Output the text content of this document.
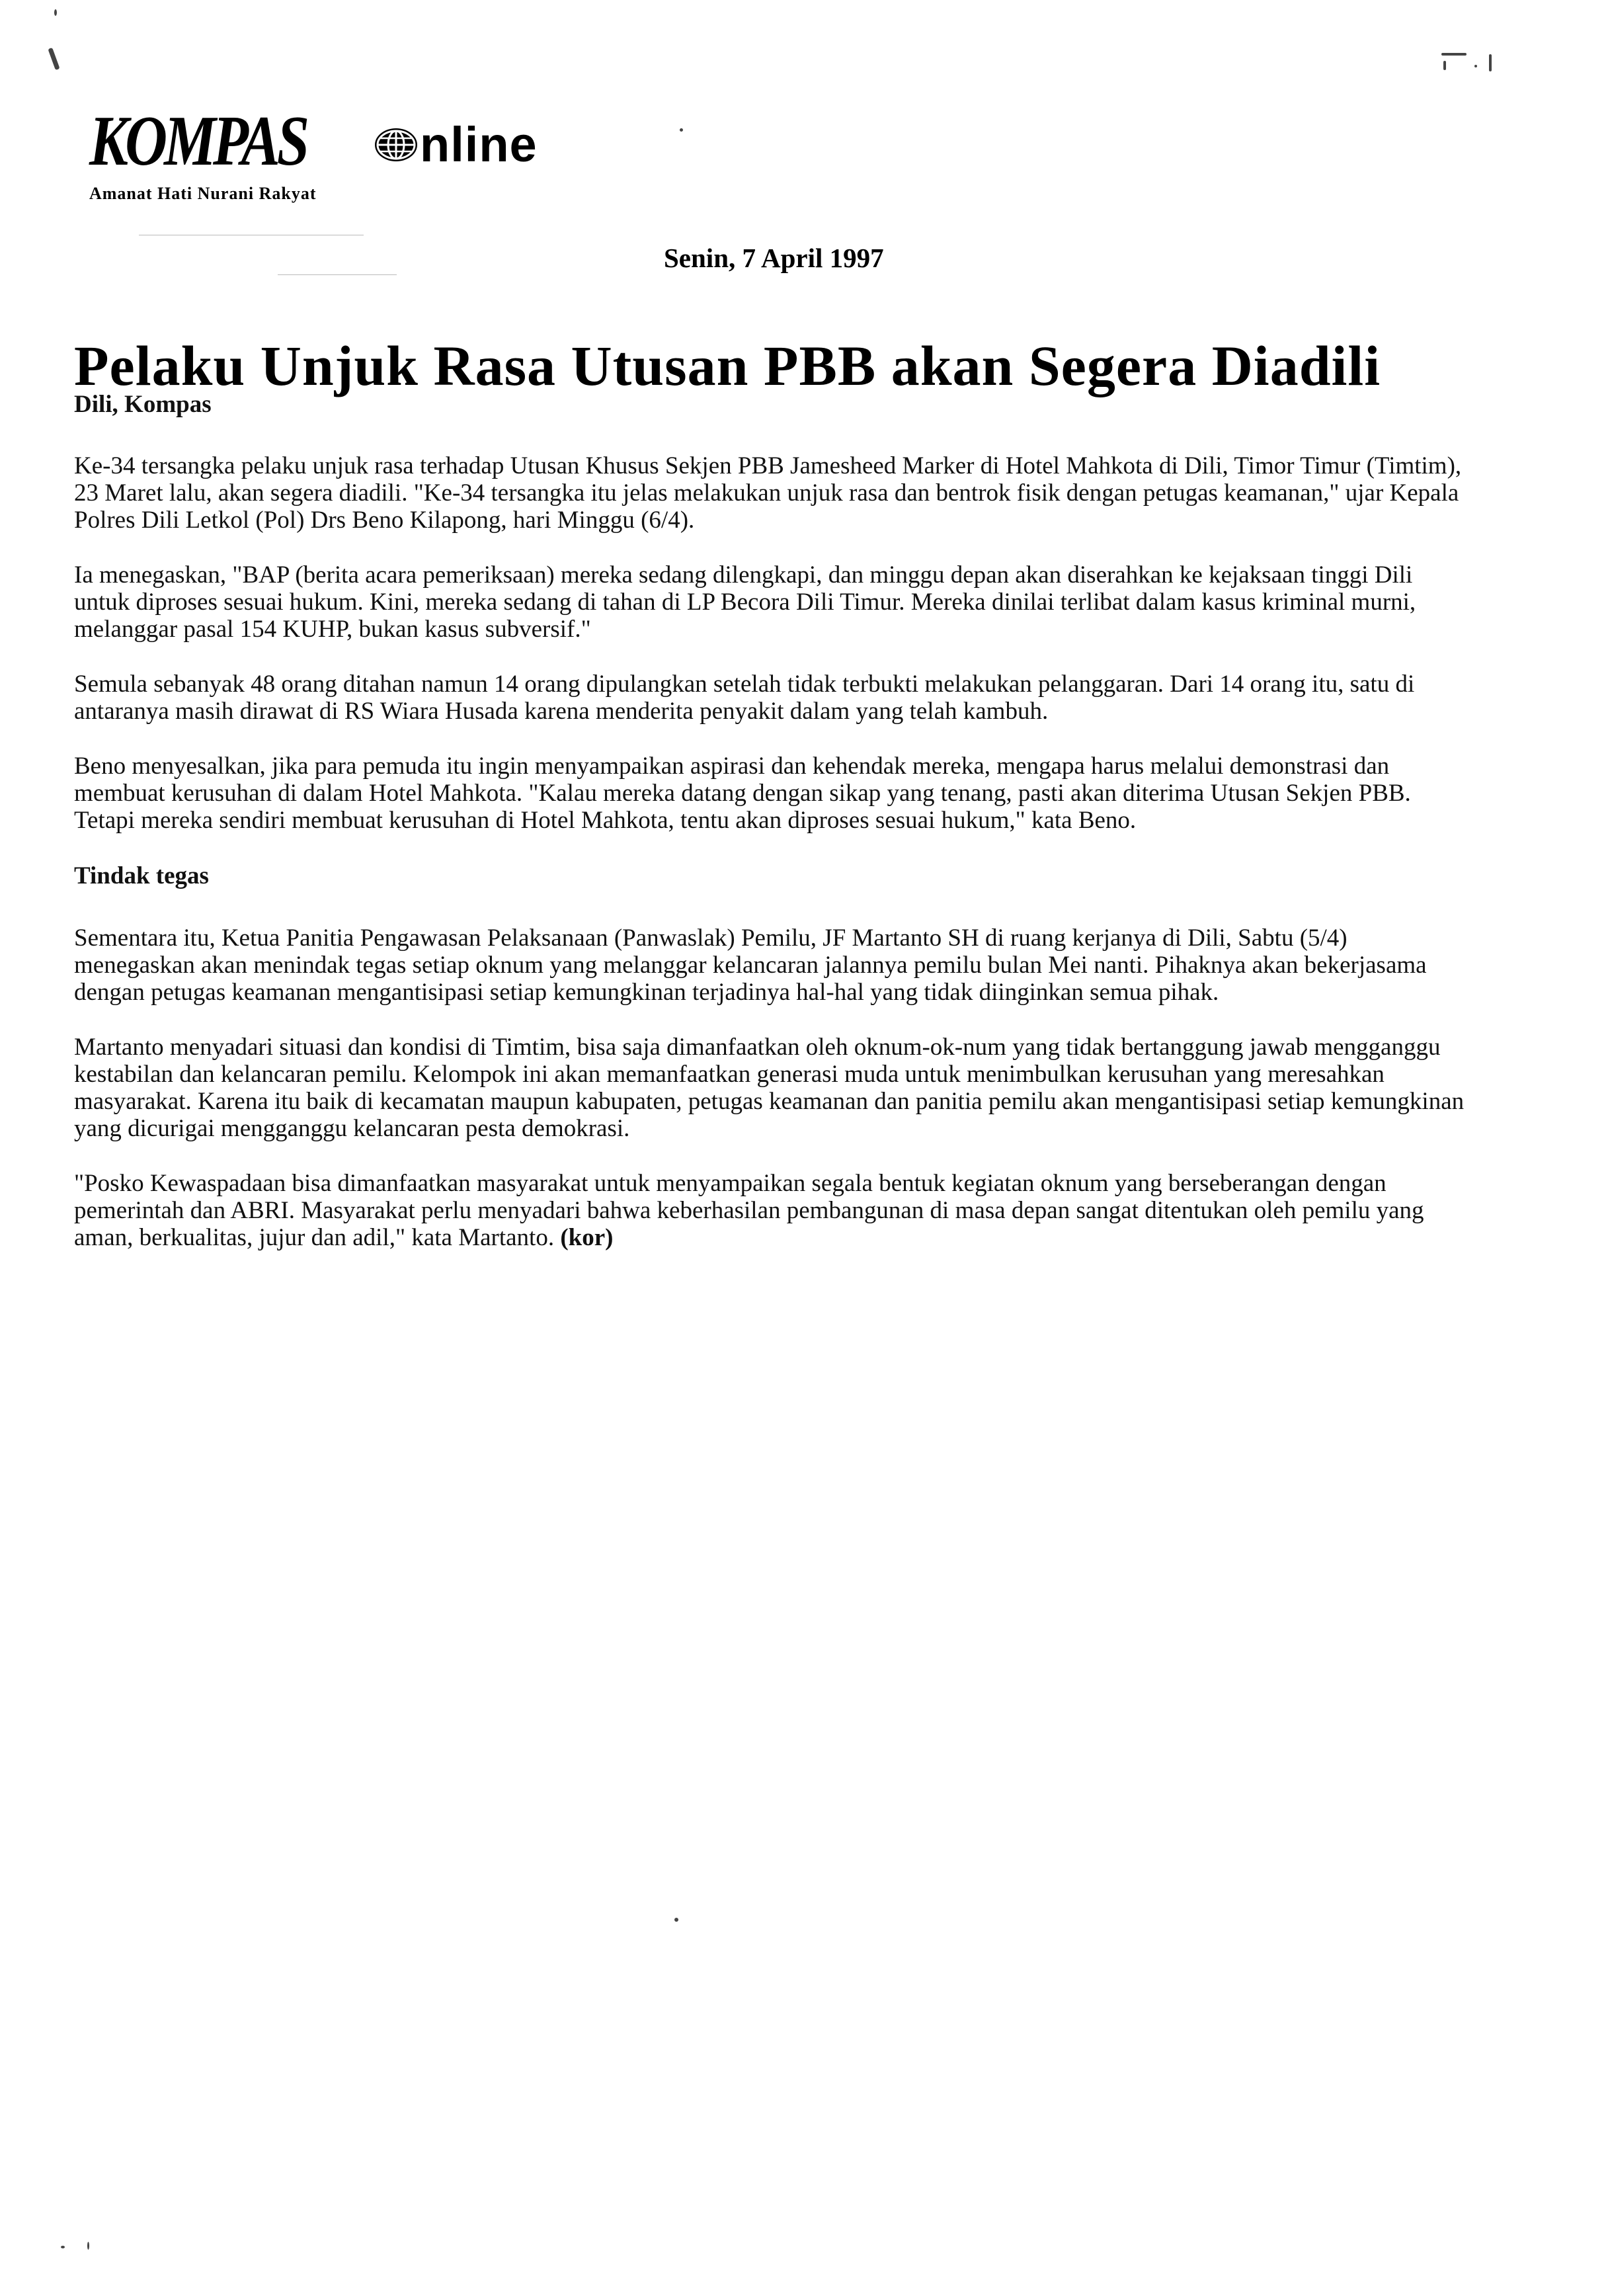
KOMPAS nline
Amanat Hati Nurani Rakyat
Senin, 7 April 1997
Pelaku Unjuk Rasa Utusan PBB akan Segera Diadili

Dili, Kompas

Ke-34 tersangka pelaku unjuk rasa terhadap Utusan Khusus Sekjen PBB Jamesheed Marker di Hotel Mahkota di Dili, Timor Timur (Timtim), 23 Maret lalu, akan segera diadili. "Ke-34 tersangka itu jelas melakukan unjuk rasa dan bentrok fisik dengan petugas keamanan," ujar Kepala Polres Dili Letkol (Pol) Drs Beno Kilapong, hari Minggu (6/4).

Ia menegaskan, "BAP (berita acara pemeriksaan) mereka sedang dilengkapi, dan minggu depan akan diserahkan ke kejaksaan tinggi Dili untuk diproses sesuai hukum. Kini, mereka sedang di tahan di LP Becora Dili Timur. Mereka dinilai terlibat dalam kasus kriminal murni, melanggar pasal 154 KUHP, bukan kasus subversif."

Semula sebanyak 48 orang ditahan namun 14 orang dipulangkan setelah tidak terbukti melakukan pelanggaran. Dari 14 orang itu, satu di antaranya masih dirawat di RS Wiara Husada karena menderita penyakit dalam yang telah kambuh.

Beno menyesalkan, jika para pemuda itu ingin menyampaikan aspirasi dan kehendak mereka, mengapa harus melalui demonstrasi dan membuat kerusuhan di dalam Hotel Mahkota. "Kalau mereka datang dengan sikap yang tenang, pasti akan diterima Utusan Sekjen PBB. Tetapi mereka sendiri membuat kerusuhan di Hotel Mahkota, tentu akan diproses sesuai hukum," kata Beno.

Tindak tegas

Sementara itu, Ketua Panitia Pengawasan Pelaksanaan (Panwaslak) Pemilu, JF Martanto SH di ruang kerjanya di Dili, Sabtu (5/4) menegaskan akan menindak tegas setiap oknum yang melanggar kelancaran jalannya pemilu bulan Mei nanti. Pihaknya akan bekerjasama dengan petugas keamanan mengantisipasi setiap kemungkinan terjadinya hal-hal yang tidak diinginkan semua pihak.

Martanto menyadari situasi dan kondisi di Timtim, bisa saja dimanfaatkan oleh oknum-ok-num yang tidak bertanggung jawab mengganggu kestabilan dan kelancaran pemilu. Kelompok ini akan memanfaatkan generasi muda untuk menimbulkan kerusuhan yang meresahkan masyarakat. Karena itu baik di kecamatan maupun kabupaten, petugas keamanan dan panitia pemilu akan mengantisipasi setiap kemungkinan yang dicurigai mengganggu kelancaran pesta demokrasi.

"Posko Kewaspadaan bisa dimanfaatkan masyarakat untuk menyampaikan segala bentuk kegiatan oknum yang berseberangan dengan pemerintah dan ABRI. Masyarakat perlu menyadari bahwa keberhasilan pembangunan di masa depan sangat ditentukan oleh pemilu yang aman, berkualitas, jujur dan adil," kata Martanto. (kor)
